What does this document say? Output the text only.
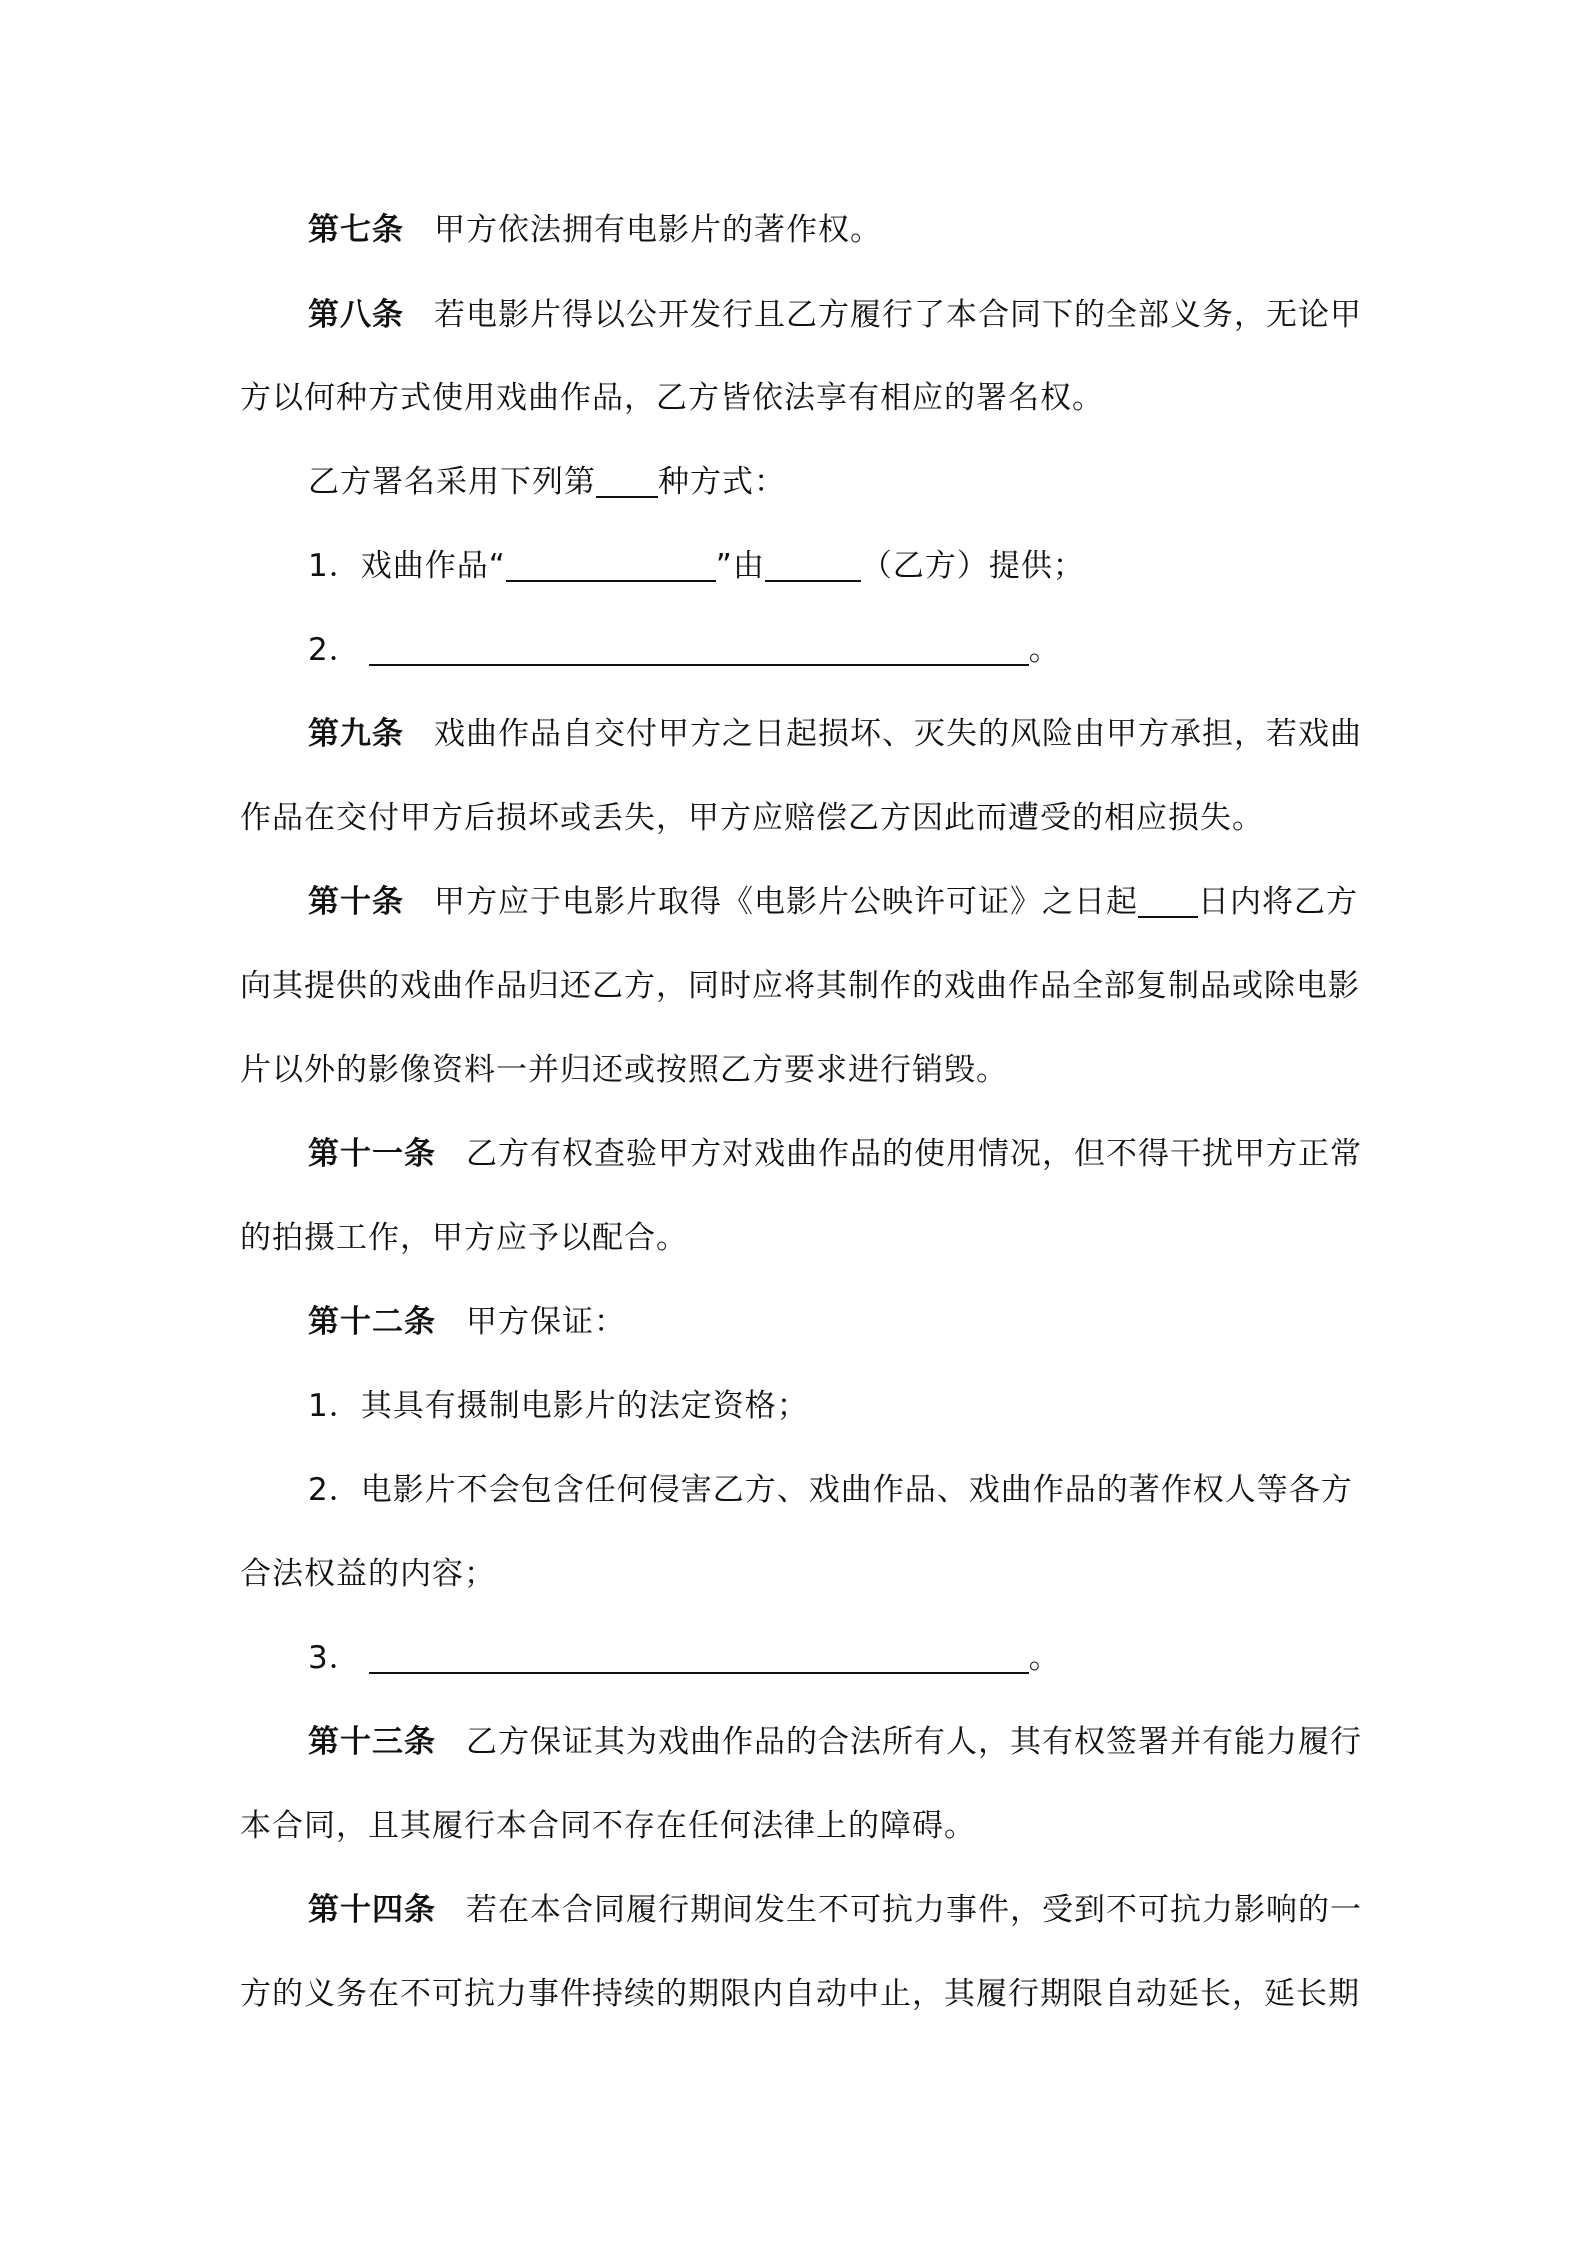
第七条 甲方依法拥有电影片的著作权。
第八条 若电影片得以公开发行且乙方履行了本合同下的全部义务，无论甲
方以何种方式使用戏曲作品，乙方皆依法享有相应的署名权。
乙方署名采用下列第 种方式：
1．戏曲作品“	”由	（乙方）提供；
2．	。
第九条 戏曲作品自交付甲方之日起损坏、灭失的风险由甲方承担，若戏曲
作品在交付甲方后损坏或丢失，甲方应赔偿乙方因此而遭受的相应损失。
第十条 甲方应于电影片取得《电影片公映许可证》之日起 日内将乙方
向其提供的戏曲作品归还乙方，同时应将其制作的戏曲作品全部复制品或除电影
片以外的影像资料一并归还或按照乙方要求进行销毁。
第十一条 乙方有权查验甲方对戏曲作品的使用情况，但不得干扰甲方正常
的拍摄工作，甲方应予以配合。
第十二条 甲方保证：
1．其具有摄制电影片的法定资格；
2．电影片不会包含任何侵害乙方、戏曲作品、戏曲作品的著作权人等各方
合法权益的内容；
3．	。
第十三条 乙方保证其为戏曲作品的合法所有人，其有权签署并有能力履行
本合同，且其履行本合同不存在任何法律上的障碍。
第十四条 若在本合同履行期间发生不可抗力事件，受到不可抗力影响的一
方的义务在不可抗力事件持续的期限内自动中止，其履行期限自动延长，延长期
